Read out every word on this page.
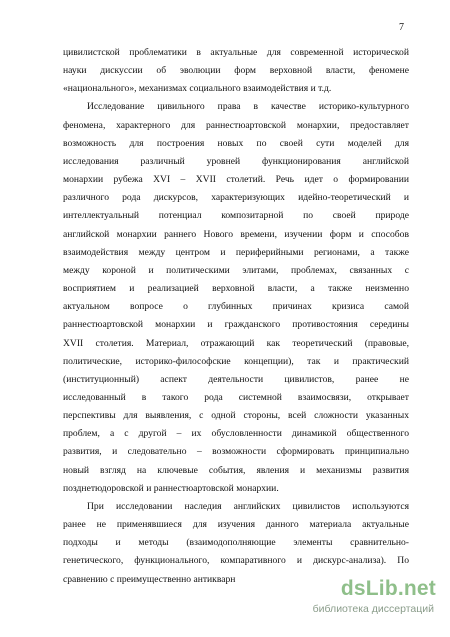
7

цивилистской проблематики в актуальные для современной исторической

науки дискуссии об эволюции форм верховной власти, феномене

«национального», механизмах социального взаимодействия и т.д.

Исследование цивильного права в качестве историко-культурного

феномена, характерного для раннестюартовской монархии, предоставляет

возможность для построения новых по своей сути моделей для

исследования различный уровней функционирования английской

монархии рубежа XVI – XVII столетий. Речь идет о формировании

различного рода дискурсов, характеризующих идейно-теоретический и

интеллектуальный потенциал композитарной по своей природе

английской монархии раннего Нового времени, изучении форм и способов

взаимодействия между центром и периферийными регионами, а также

между короной и политическими элитами, проблемах, связанных с

восприятием и реализацией верховной власти, а также неизменно

актуальном вопросе о глубинных причинах кризиса самой

раннестюартовской монархии и гражданского противостояния середины

XVII столетия. Материал, отражающий как теоретический (правовые,

политические, историко-философские концепции), так и практический

(институционный) аспект деятельности цивилистов, ранее не

исследованный в такого рода системной взаимосвязи, открывает

перспективы для выявления, с одной стороны, всей сложности указанных

проблем, а с другой – их обусловленности динамикой общественного

развития, и следовательно – возможности сформировать принципиально

новый взгляд на ключевые события, явления и механизмы развития

позднетюдоровской и раннестюартовской монархии.

При исследовании наследия английских цивилистов используются

ранее не применявшиеся для изучения данного материала актуальные

подходы и методы (взаимодополняющие элементы сравнительно-

генетического, функционального, компаративного и дискурс-анализа). По

сравнению с преимущественно антикварн	dsLib.net
библиотека диссертаций
